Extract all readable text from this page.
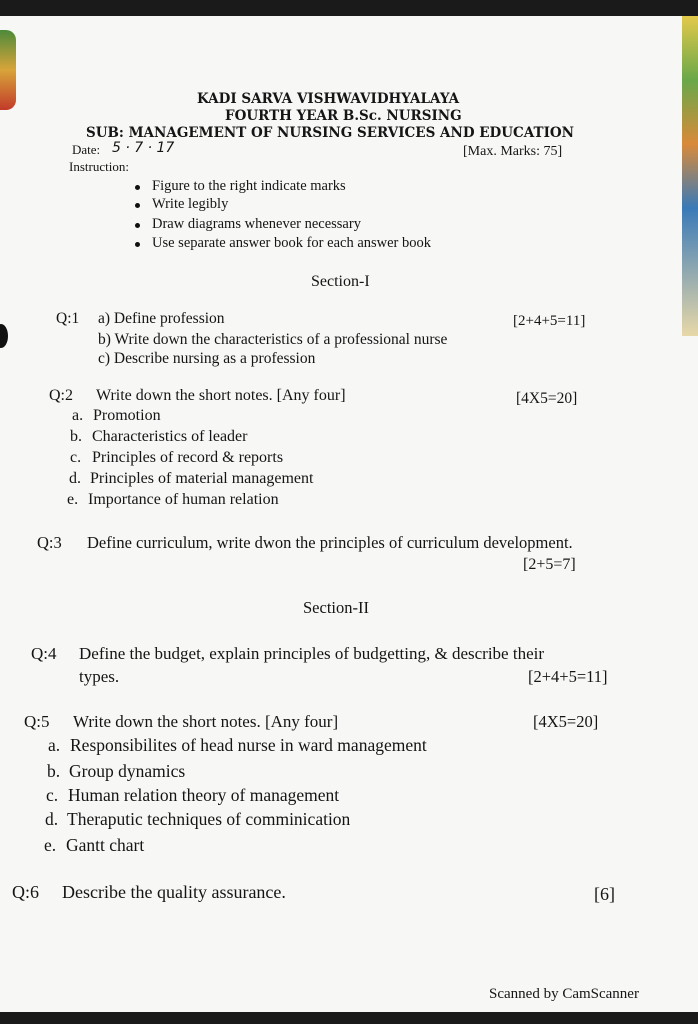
KADI SARVA VISHWAVIDHYALAYA
FOURTH YEAR B.Sc. NURSING
SUB: MANAGEMENT OF NURSING SERVICES AND EDUCATION
Date: 5 · 7 · 17	[Max. Marks: 75]
Instruction:
Figure to the right indicate marks
Write legibly
Draw diagrams whenever necessary
Use separate answer book for each answer book
Section-I
Q:1 a) Define profession	[2+4+5=11]
b) Write down the characteristics of a professional nurse
c) Describe nursing as a profession
Q:2 Write down the short notes. [Any four]	[4X5=20]
a. Promotion
b. Characteristics of leader
c. Principles of record & reports
d. Principles of material management
e. Importance of human relation
Q:3 Define curriculum, write dwon the principles of curriculum development.
[2+5=7]
Section-II
Q:4 Define the budget, explain principles of budgetting, & describe their
types.	[2+4+5=11]
Q:5 Write down the short notes. [Any four]	[4X5=20]
a. Responsibilites of head nurse in ward management
b. Group dynamics
c. Human relation theory of management
d. Theraputic techniques of comminication
e. Gantt chart
Q:6 Describe the quality assurance.	[6]
Scanned by CamScanner
